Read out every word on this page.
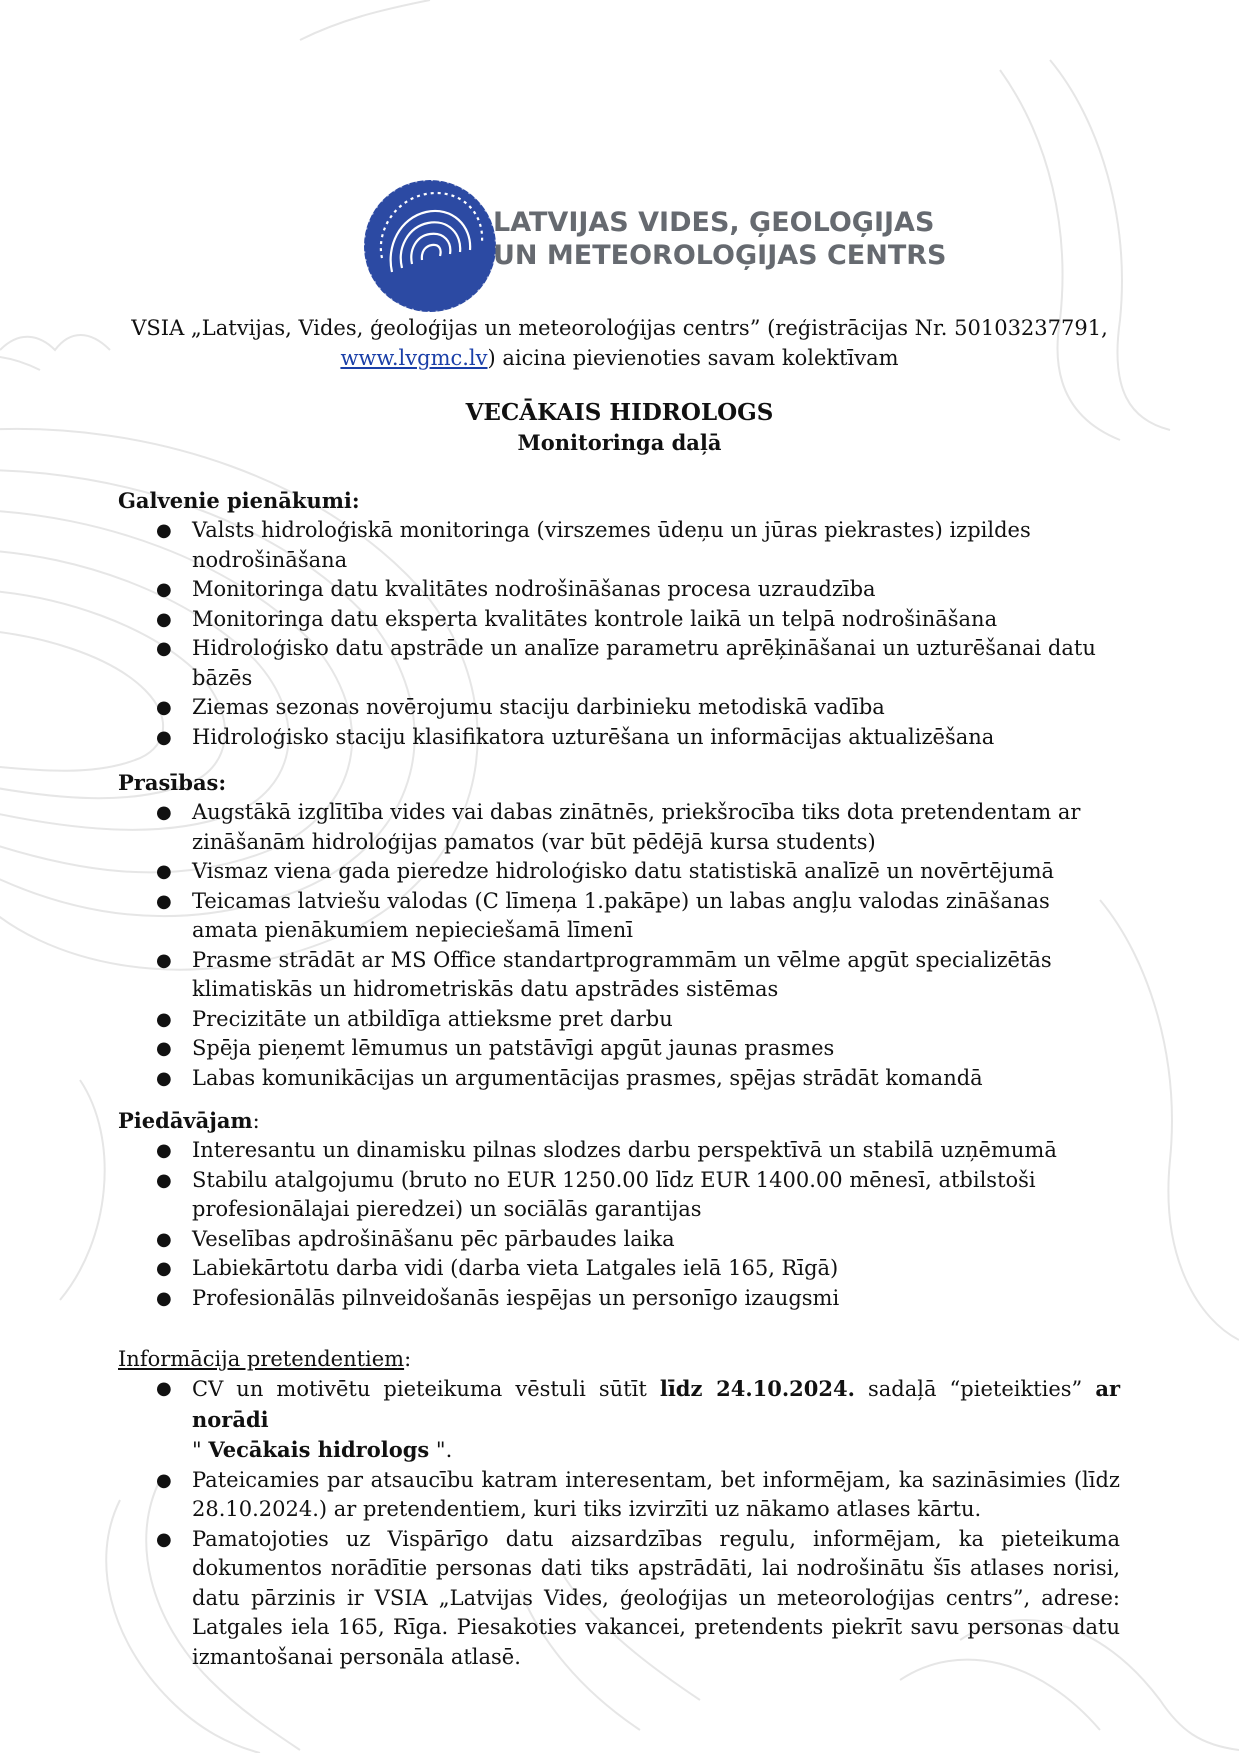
LATVIJAS VIDES, ĢEOLOĢIJAS
UN METEOROLOĢIJAS CENTRS
VSIA „Latvijas, Vides, ģeoloģijas un meteoroloģijas centrs” (reģistrācijas Nr. 50103237791,
www.lvgmc.lv) aicina pievienoties savam kolektīvam
VECĀKAIS HIDROLOGS
Monitoringa daļā
Galvenie pienākumi:
● Valsts hidroloģiskā monitoringa (virszemes ūdeņu un jūras piekrastes) izpildes nodrošināšana
● Monitoringa datu kvalitātes nodrošināšanas procesa uzraudzība
● Monitoringa datu eksperta kvalitātes kontrole laikā un telpā nodrošināšana
● Hidroloģisko datu apstrāde un analīze parametru aprēķināšanai un uzturēšanai datu bāzēs
● Ziemas sezonas novērojumu staciju darbinieku metodiskā vadība
● Hidroloģisko staciju klasifikatora uzturēšana un informācijas aktualizēšana
Prasības:
● Augstākā izglītība vides vai dabas zinātnēs, priekšrocība tiks dota pretendentam ar zināšanām hidroloģijas pamatos (var būt pēdējā kursa students)
● Vismaz viena gada pieredze hidroloģisko datu statistiskā analīzē un novērtējumā
● Teicamas latviešu valodas (C līmeņa 1.pakāpe) un labas angļu valodas zināšanas amata pienākumiem nepieciešamā līmenī
● Prasme strādāt ar MS Office standartprogrammām un vēlme apgūt specializētās klimatiskās un hidrometriskās datu apstrādes sistēmas
● Precizitāte un atbildīga attieksme pret darbu
● Spēja pieņemt lēmumus un patstāvīgi apgūt jaunas prasmes
● Labas komunikācijas un argumentācijas prasmes, spējas strādāt komandā
Piedāvājam:
● Interesantu un dinamisku pilnas slodzes darbu perspektīvā un stabilā uzņēmumā
● Stabilu atalgojumu (bruto no EUR 1250.00 līdz EUR 1400.00 mēnesī, atbilstoši profesionālajai pieredzei) un sociālās garantijas
● Veselības apdrošināšanu pēc pārbaudes laika
● Labiekārtotu darba vidi (darba vieta Latgales ielā 165, Rīgā)
● Profesionālās pilnveidošanās iespējas un personīgo izaugsmi
Informācija pretendentiem:
● CV un motivētu pieteikuma vēstuli sūtīt līdz 24.10.2024. sadaļā “pieteikties” ar norādi
" Vecākais hidrologs ".
● Pateicamies par atsaucību katram interesentam, bet informējam, ka sazināsimies (līdz 28.10.2024.) ar pretendentiem, kuri tiks izvirzīti uz nākamo atlases kārtu.
● Pamatojoties uz Vispārīgo datu aizsardzības regulu, informējam, ka pieteikuma dokumentos norādītie personas dati tiks apstrādāti, lai nodrošinātu šīs atlases norisi, datu pārzinis ir VSIA „Latvijas Vides, ģeoloģijas un meteoroloģijas centrs”, adrese: Latgales iela 165, Rīga. Piesakoties vakancei, pretendents piekrīt savu personas datu izmantošanai personāla atlasē.
